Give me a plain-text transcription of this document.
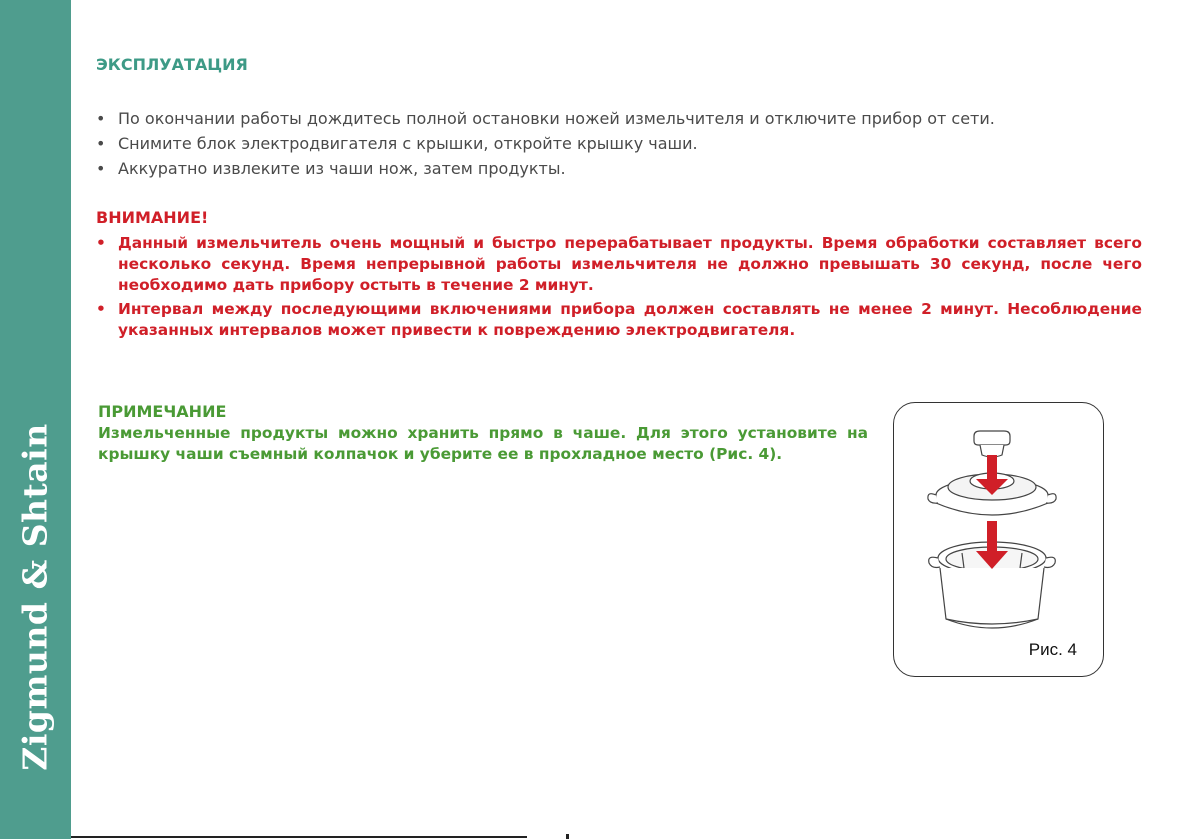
Zigmund & Shtain
ЭКСПЛУАТАЦИЯ
• По окончании работы дождитесь полной остановки ножей измельчителя и отключите прибор от сети.
• Снимите блок электродвигателя с крышки, откройте крышку чаши.
• Аккуратно извлеките из чаши нож, затем продукты.
ВНИМАНИЕ!
• Данный измельчитель очень мощный и быстро перерабатывает продукты. Время обработки составляет всего несколько секунд. Время непрерывной работы измельчителя не должно превышать 30 секунд, после чего необходимо дать прибору остыть в течение 2 минут.
• Интервал между последующими включениями прибора должен составлять не менее 2 минут. Несоблюдение указанных интервалов может привести к повреждению электродвигателя.
ПРИМЕЧАНИЕ
Измельченные продукты можно хранить прямо в чаше. Для этого установите на крышку чаши съемный колпачок и уберите ее в прохладное место (Рис. 4).
Рис. 4
